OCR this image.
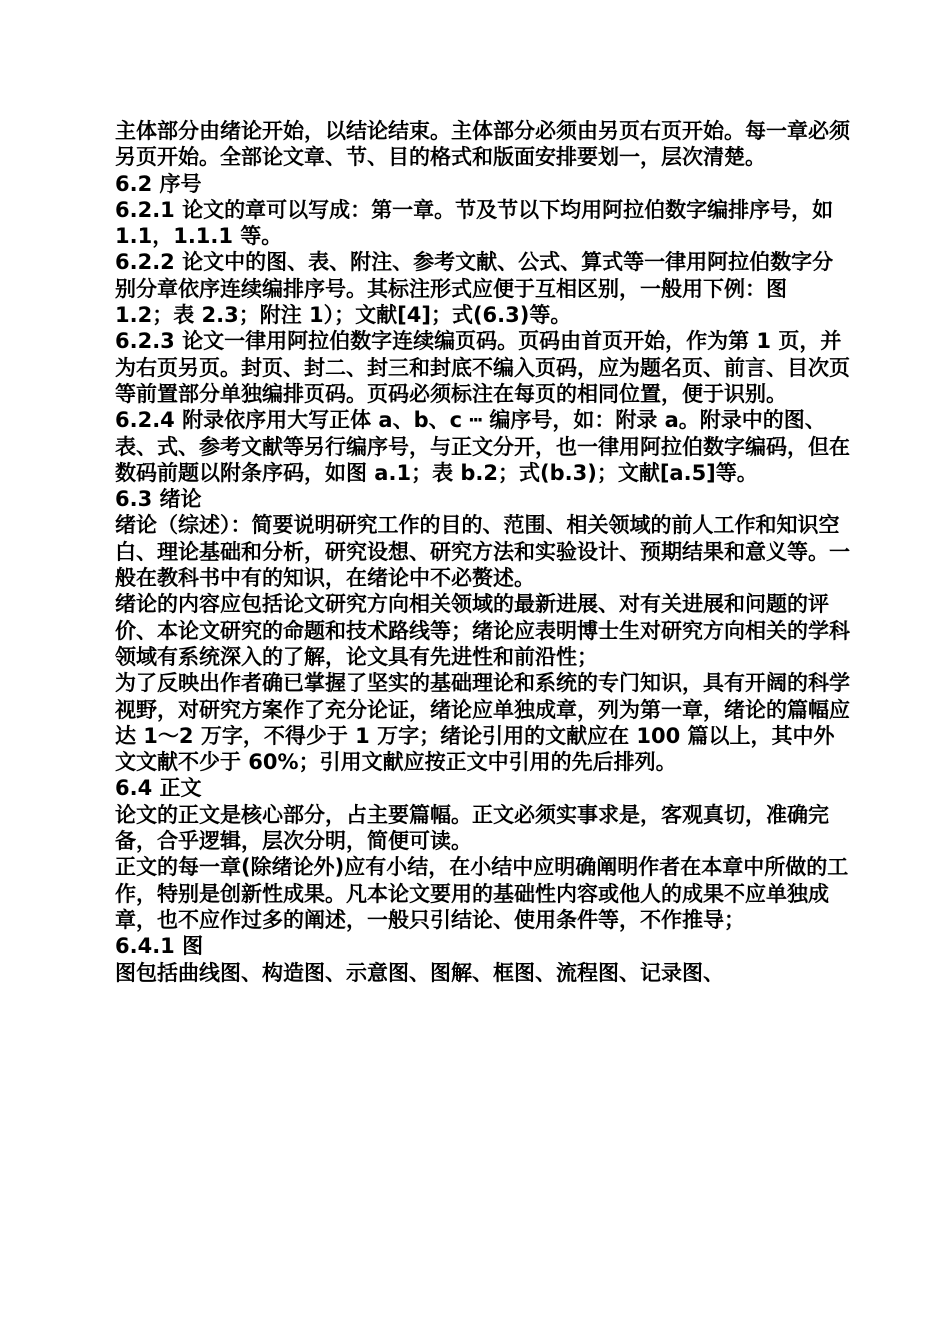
主体部分由绪论开始，以结论结束。主体部分必须由另页右页开始。每一章必须另页开始。全部论文章、节、目的格式和版面安排要划一，层次清楚。

6.2 序号

6.2.1 论文的章可以写成：第一章。节及节以下均用阿拉伯数字编排序号，如 1.1，1.1.1 等。

6.2.2 论文中的图、表、附注、参考文献、公式、算式等一律用阿拉伯数字分别分章依序连续编排序号。其标注形式应便于互相区别，一般用下例：图

1.2；表 2.3；附注 1）；文献[4]；式(6.3)等。

6.2.3 论文一律用阿拉伯数字连续编页码。页码由首页开始，作为第 1 页，并为右页另页。封页、封二、封三和封底不编入页码，应为题名页、前言、目次页等前置部分单独编排页码。页码必须标注在每页的相同位置，便于识别。

6.2.4 附录依序用大写正体 a、b、c ┅ 编序号，如：附录 a。附录中的图、表、式、参考文献等另行编序号，与正文分开，也一律用阿拉伯数字编码，但在数码前题以附条序码，如图 a.1；表 b.2；式(b.3)；文献[a.5]等。

6.3 绪论

绪论（综述）：简要说明研究工作的目的、范围、相关领域的前人工作和知识空白、理论基础和分析，研究设想、研究方法和实验设计、预期结果和意义等。一般在教科书中有的知识，在绪论中不必赘述。

绪论的内容应包括论文研究方向相关领域的最新进展、对有关进展和问题的评价、本论文研究的命题和技术路线等；绪论应表明博士生对研究方向相关的学科领域有系统深入的了解，论文具有先进性和前沿性；

为了反映出作者确已掌握了坚实的基础理论和系统的专门知识，具有开阔的科学视野，对研究方案作了充分论证，绪论应单独成章，列为第一章，绪论的篇幅应达 1～2 万字，不得少于 1 万字；绪论引用的文献应在 100 篇以上，其中外文文献不少于 60%；引用文献应按正文中引用的先后排列。

6.4 正文

论文的正文是核心部分，占主要篇幅。正文必须实事求是，客观真切，准确完备，合乎逻辑，层次分明，简便可读。

正文的每一章(除绪论外)应有小结，在小结中应明确阐明作者在本章中所做的工作，特别是创新性成果。凡本论文要用的基础性内容或他人的成果不应单独成章，也不应作过多的阐述，一般只引结论、使用条件等，不作推导；

6.4.1 图

图包括曲线图、构造图、示意图、图解、框图、流程图、记录图、
